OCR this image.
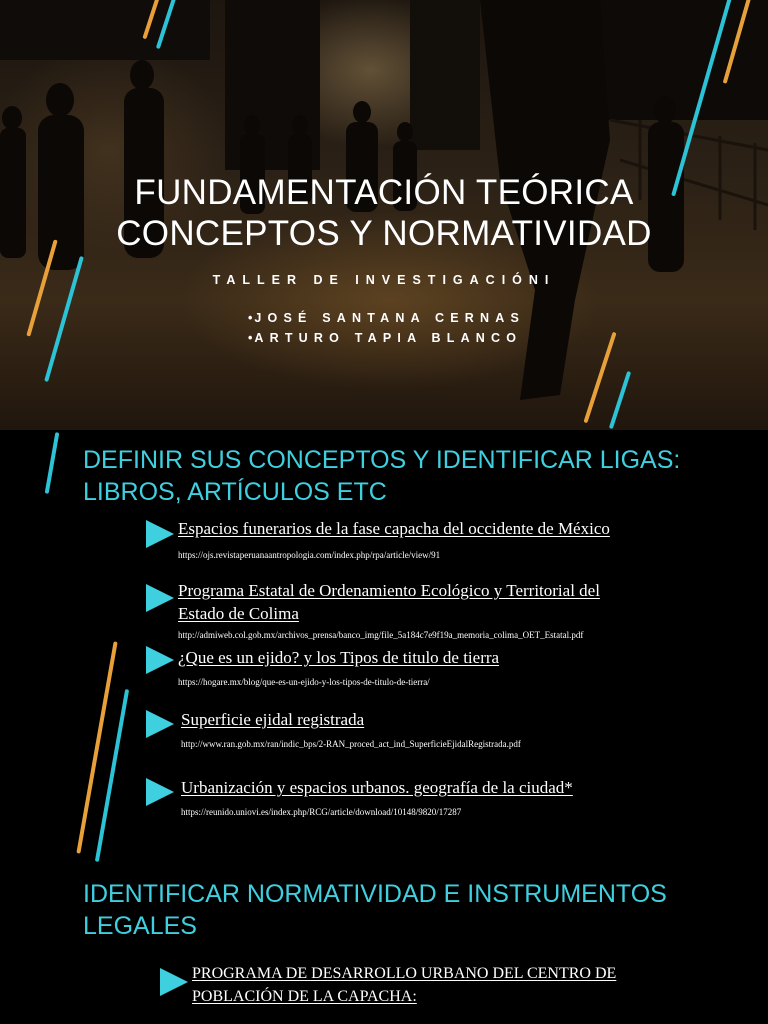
FUNDAMENTACIÓN TEÓRICA
CONCEPTOS Y NORMATIVIDAD
TALLER DE INVESTIGACIÓNI
• JOSÉ SANTANA CERNAS
• ARTURO TAPIA BLANCO
DEFINIR SUS CONCEPTOS Y IDENTIFICAR LIGAS:
LIBROS, ARTÍCULOS ETC
Espacios funerarios de la fase capacha del occidente de México
https://ojs.revistaperuanaantropologia.com/index.php/rpa/article/view/91
Programa Estatal de Ordenamiento Ecológico y Territorial del
Estado de Colima
http://admiweb.col.gob.mx/archivos_prensa/banco_img/file_5a184c7e9f19a_memoria_colima_OET_Estatal.pdf
¿Que es un ejido? y los Tipos de titulo de tierra
https://hogare.mx/blog/que-es-un-ejido-y-los-tipos-de-titulo-de-tierra/
Superficie ejidal registrada
http://www.ran.gob.mx/ran/indic_bps/2-RAN_proced_act_ind_SuperficieEjidalRegistrada.pdf
Urbanización y espacios urbanos. geografía de la ciudad*
https://reunido.uniovi.es/index.php/RCG/article/download/10148/9820/17287
IDENTIFICAR NORMATIVIDAD E INSTRUMENTOS
LEGALES
PROGRAMA DE DESARROLLO URBANO DEL CENTRO DE
POBLACIÓN DE LA CAPACHA:
